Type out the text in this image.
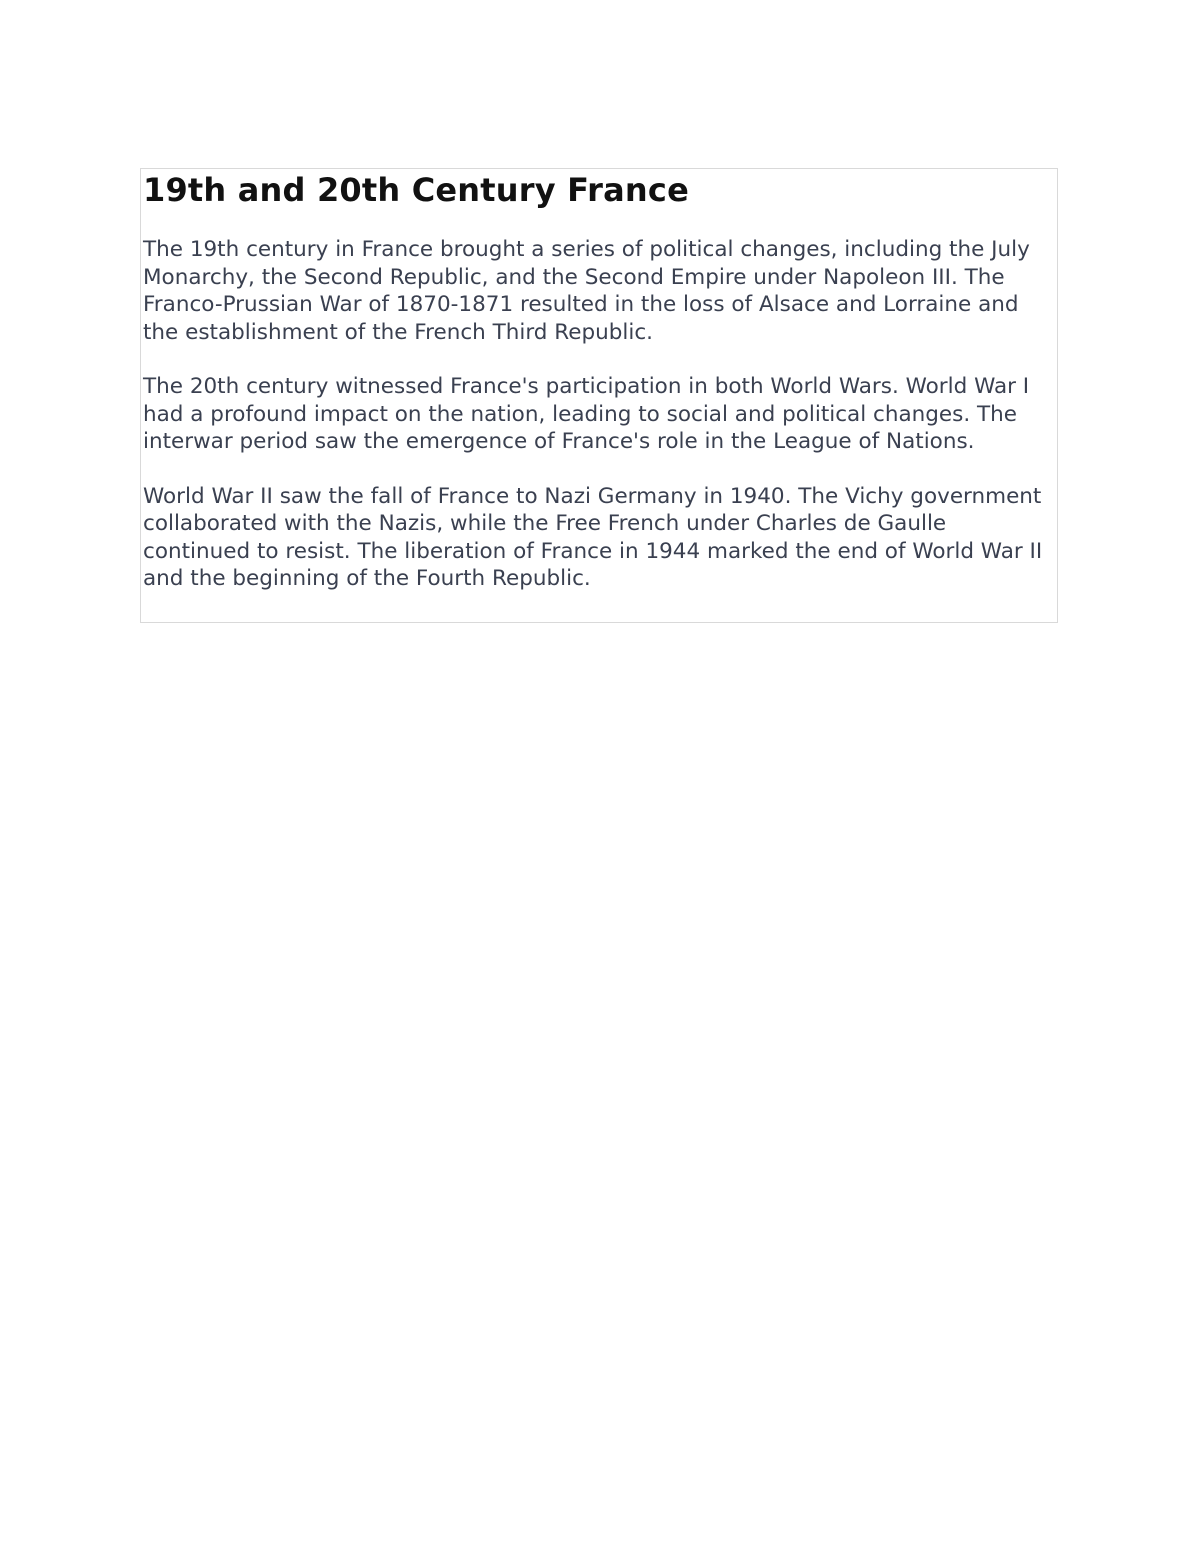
19th and 20th Century France

The 19th century in France brought a series of political changes, including the July Monarchy, the Second Republic, and the Second Empire under Napoleon III. The Franco-Prussian War of 1870-1871 resulted in the loss of Alsace and Lorraine and the establishment of the French Third Republic.

The 20th century witnessed France's participation in both World Wars. World War I had a profound impact on the nation, leading to social and political changes. The interwar period saw the emergence of France's role in the League of Nations.

World War II saw the fall of France to Nazi Germany in 1940. The Vichy government collaborated with the Nazis, while the Free French under Charles de Gaulle continued to resist. The liberation of France in 1944 marked the end of World War II and the beginning of the Fourth Republic.
